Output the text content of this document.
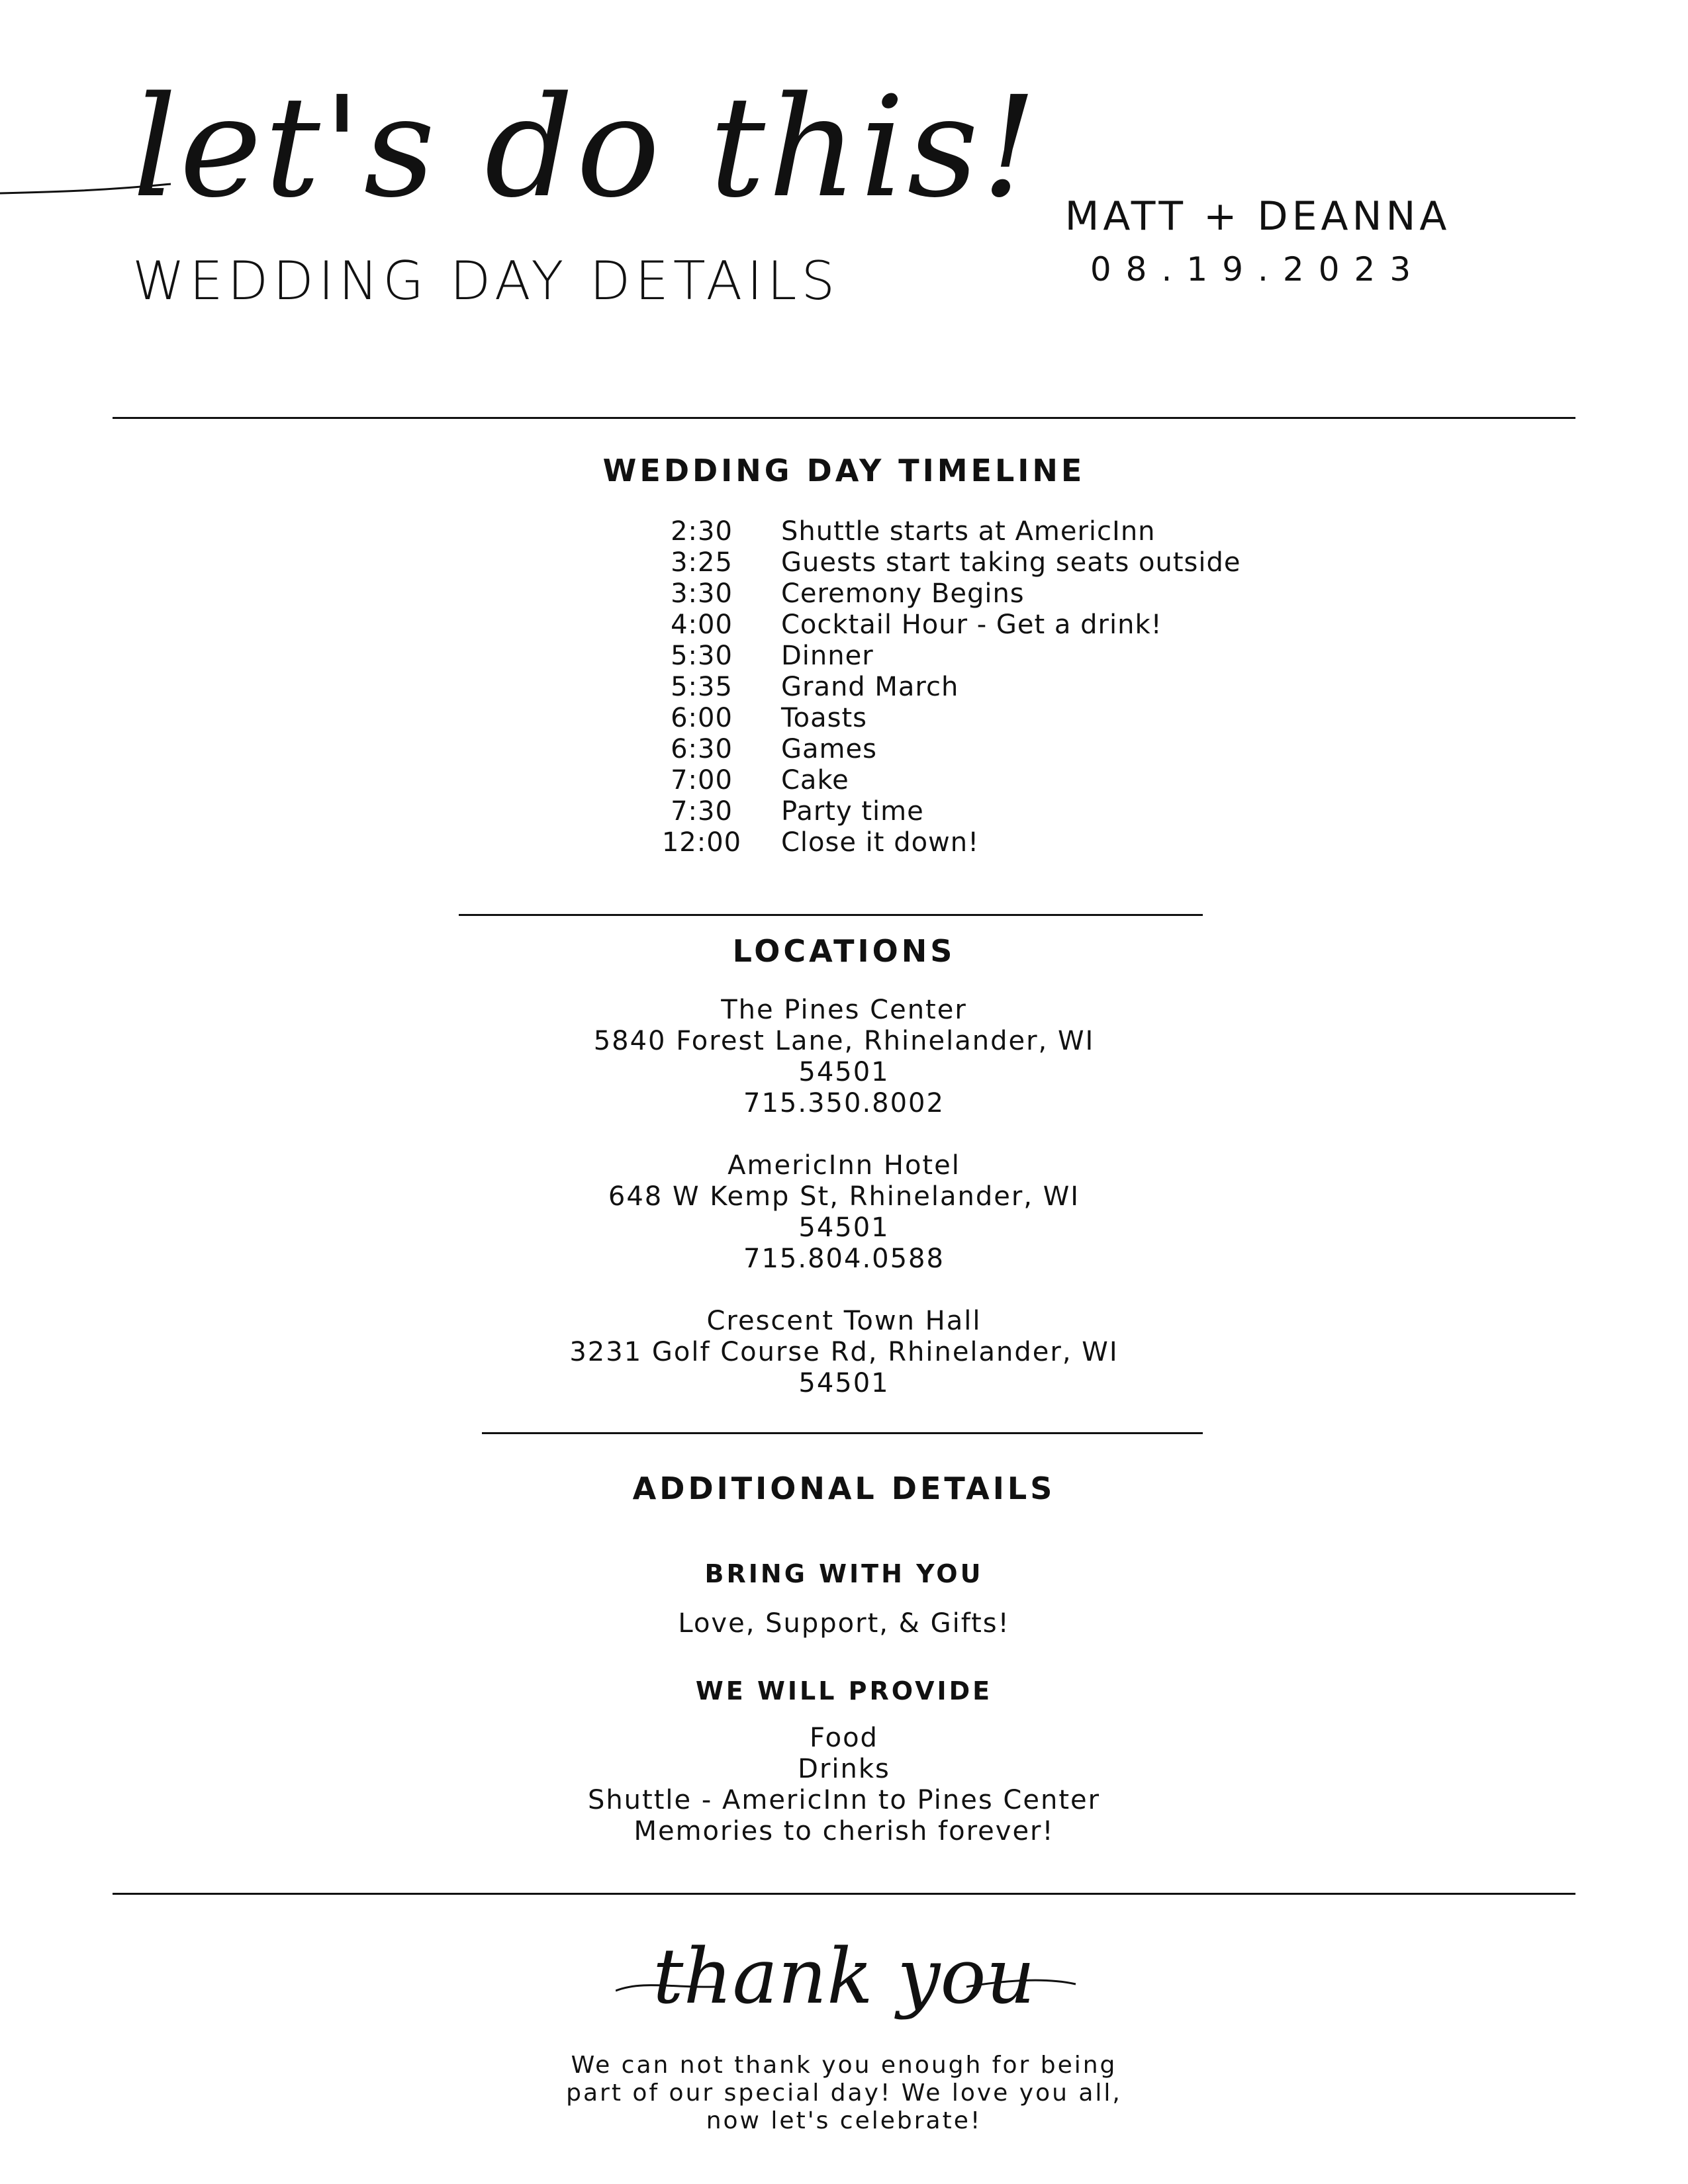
let's do this!
WEDDING DAY DETAILS
MATT + DEANNA
08.19.2023
WEDDING DAY TIMELINE
2:30	Shuttle starts at AmericInn
3:25	Guests start taking seats outside
3:30	Ceremony Begins
4:00	Cocktail Hour - Get a drink!
5:30	Dinner
5:35	Grand March
6:00	Toasts
6:30	Games
7:00	Cake
7:30	Party time
12:00	Close it down!
LOCATIONS

The Pines Center

5840 Forest Lane, Rhinelander, WI

54501

715.350.8002

AmericInn Hotel

648 W Kemp St, Rhinelander, WI

54501

715.804.0588

Crescent Town Hall

3231 Golf Course Rd, Rhinelander, WI

54501

ADDITIONAL DETAILS
BRING WITH YOU
Love, Support, & Gifts!
WE WILL PROVIDE

Food

Drinks

Shuttle - AmericInn to Pines Center

Memories to cherish forever!

thank you

We can not thank you enough for being

part of our special day! We love you all,

now let's celebrate!
